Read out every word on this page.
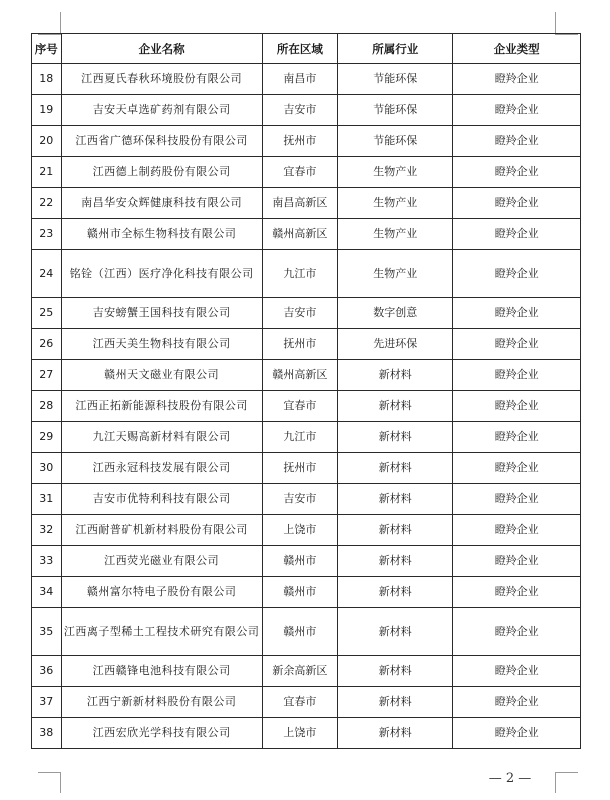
序号	企业名称	所在区域	所属行业	企业类型
18	江西夏氏春秋环境股份有限公司	南昌市	节能环保	瞪羚企业
19	吉安天卓选矿药剂有限公司	吉安市	节能环保	瞪羚企业
20	江西省广德环保科技股份有限公司	抚州市	节能环保	瞪羚企业
21	江西德上制药股份有限公司	宜春市	生物产业	瞪羚企业
22	南昌华安众辉健康科技有限公司	南昌高新区	生物产业	瞪羚企业
23	赣州市全标生物科技有限公司	赣州高新区	生物产业	瞪羚企业
24	铭铨（江西）医疗净化科技有限公司	九江市	生物产业	瞪羚企业
25	吉安螃蟹王国科技有限公司	吉安市	数字创意	瞪羚企业
26	江西天美生物科技有限公司	抚州市	先进环保	瞪羚企业
27	赣州天文磁业有限公司	赣州高新区	新材料	瞪羚企业
28	江西正拓新能源科技股份有限公司	宜春市	新材料	瞪羚企业
29	九江天赐高新材料有限公司	九江市	新材料	瞪羚企业
30	江西永冠科技发展有限公司	抚州市	新材料	瞪羚企业
31	吉安市优特利科技有限公司	吉安市	新材料	瞪羚企业
32	江西耐普矿机新材料股份有限公司	上饶市	新材料	瞪羚企业
33	江西荧光磁业有限公司	赣州市	新材料	瞪羚企业
34	赣州富尔特电子股份有限公司	赣州市	新材料	瞪羚企业
35	江西离子型稀土工程技术研究有限公司	赣州市	新材料	瞪羚企业
36	江西赣锋电池科技有限公司	新余高新区	新材料	瞪羚企业
37	江西宁新新材料股份有限公司	宜春市	新材料	瞪羚企业
38	江西宏欣光学科技有限公司	上饶市	新材料	瞪羚企业
— 2 —
